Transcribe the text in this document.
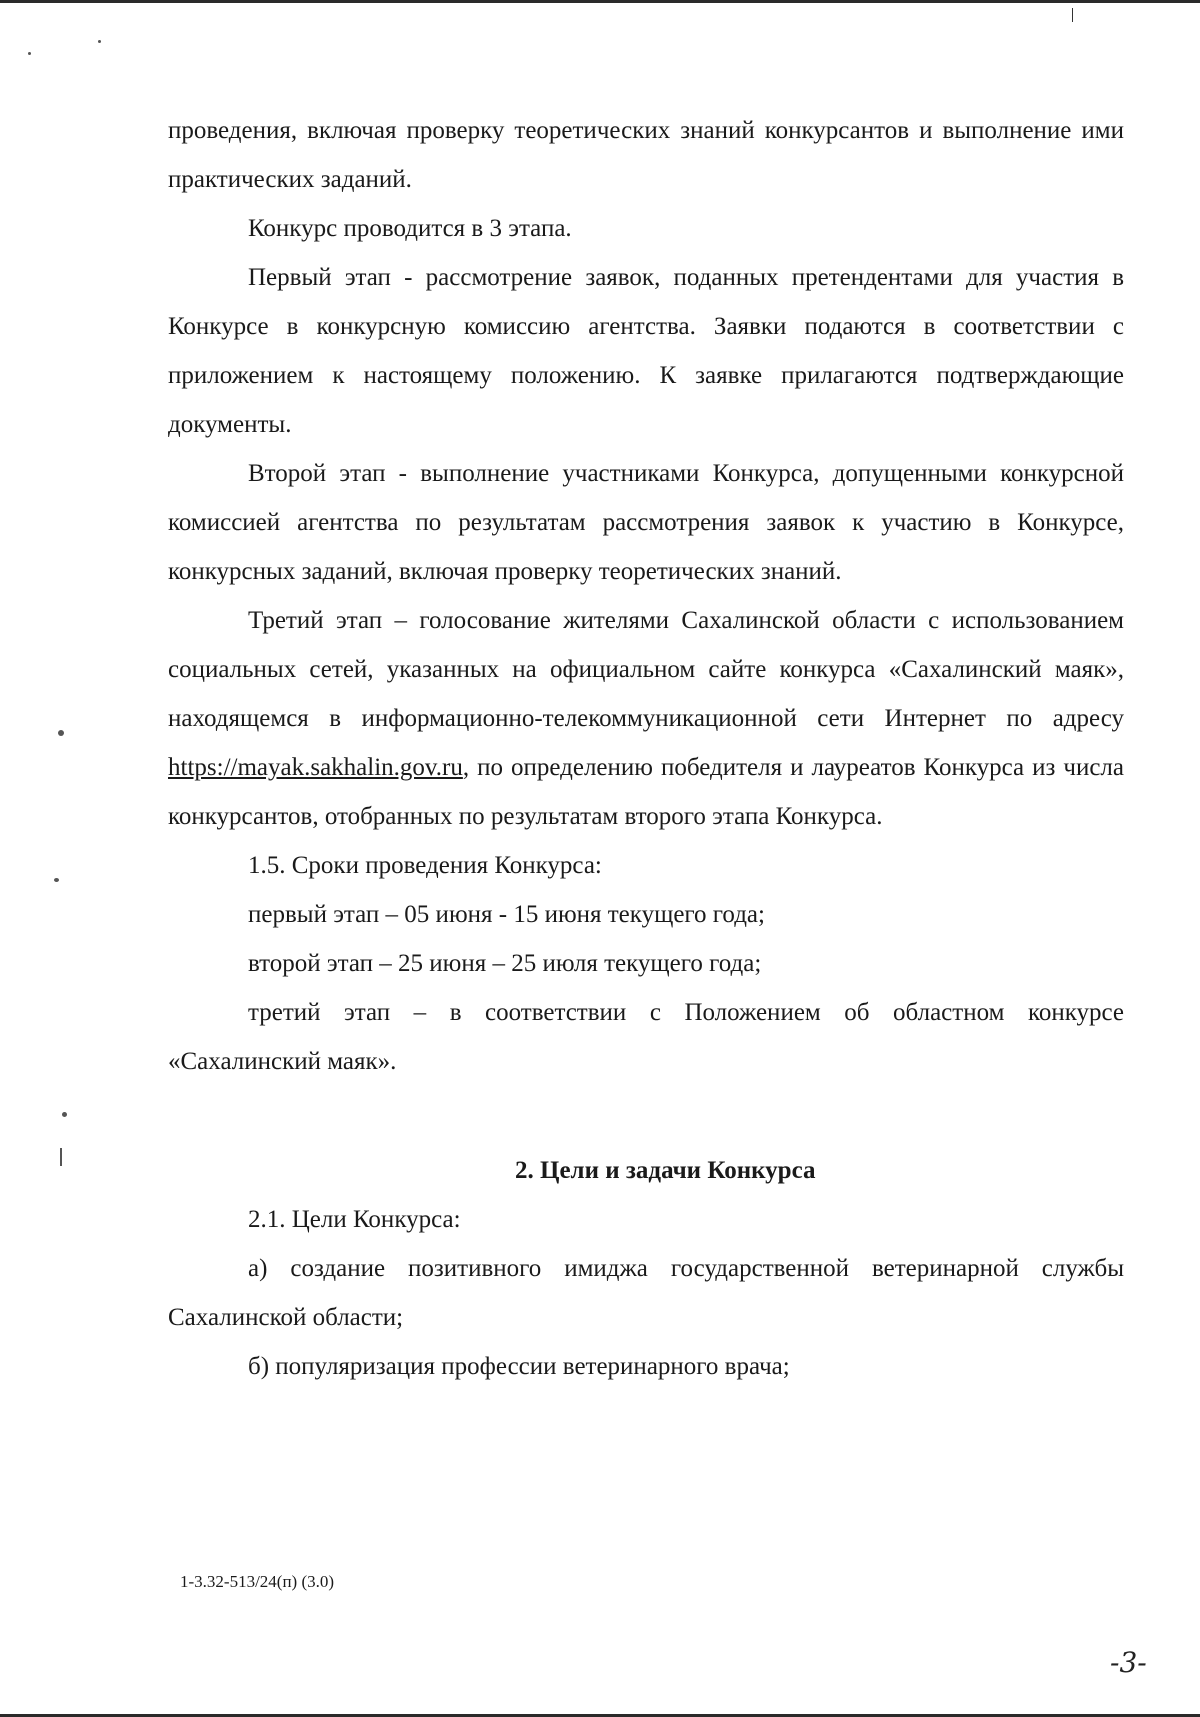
проведения, включая проверку теоретических знаний конкурсантов и выполнение ими практических заданий.

Конкурс проводится в 3 этапа.

Первый этап - рассмотрение заявок, поданных претендентами для участия в Конкурсе в конкурсную комиссию агентства. Заявки подаются в соответствии с приложением к настоящему положению. К заявке прилагаются подтверждающие документы.

Второй этап - выполнение участниками Конкурса, допущенными конкурсной комиссией агентства по результатам рассмотрения заявок к участию в Конкурсе, конкурсных заданий, включая проверку теоретических знаний.

Третий этап – голосование жителями Сахалинской области с использованием социальных сетей, указанных на официальном сайте конкурса «Сахалинский маяк», находящемся в информационно-телекоммуникационной сети Интернет по адресу https://mayak.sakhalin.gov.ru, по определению победителя и лауреатов Конкурса из числа конкурсантов, отобранных по результатам второго этапа Конкурса.

1.5. Сроки проведения Конкурса:

первый этап – 05 июня - 15 июня текущего года;

второй этап – 25 июня – 25 июля текущего года;

третий этап – в соответствии с Положением об областном конкурсе «Сахалинский маяк».

2. Цели и задачи Конкурса

2.1. Цели Конкурса:

а) создание позитивного имиджа государственной ветеринарной службы Сахалинской области;

б) популяризация профессии ветеринарного врача;

1-3.32-513/24(п) (3.0)
-3-
